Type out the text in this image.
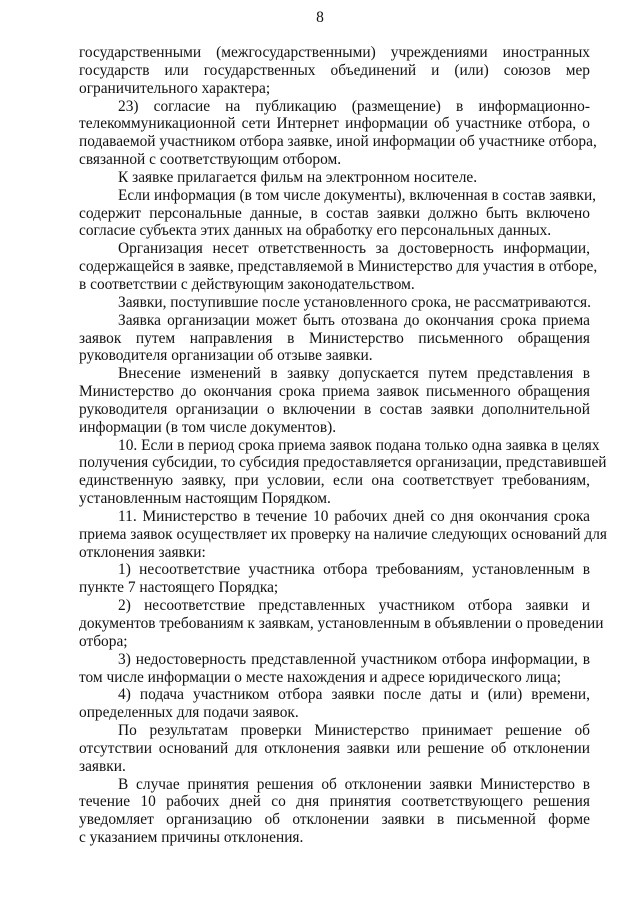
8

государственными (межгосударственными) учреждениями иностранных
государств или государственных объединений и (или) союзов мер
ограничительного характера;

23) согласие на публикацию (размещение) в информационно-
телекоммуникационной сети Интернет информации об участнике отбора, о
подаваемой участником отбора заявке, иной информации об участнике отбора,
связанной с соответствующим отбором.

К заявке прилагается фильм на электронном носителе.

Если информация (в том числе документы), включенная в состав заявки,
содержит персональные данные, в состав заявки должно быть включено
согласие субъекта этих данных на обработку его персональных данных.

Организация несет ответственность за достоверность информации,
содержащейся в заявке, представляемой в Министерство для участия в отборе,
в соответствии с действующим законодательством.

Заявки, поступившие после установленного срока, не рассматриваются.

Заявка организации может быть отозвана до окончания срока приема
заявок путем направления в Министерство письменного обращения
руководителя организации об отзыве заявки.

Внесение изменений в заявку допускается путем представления в
Министерство до окончания срока приема заявок письменного обращения
руководителя организации о включении в состав заявки дополнительной
информации (в том числе документов).

10. Если в период срока приема заявок подана только одна заявка в целях
получения субсидии, то субсидия предоставляется организации, представившей
единственную заявку, при условии, если она соответствует требованиям,
установленным настоящим Порядком.

11. Министерство в течение 10 рабочих дней со дня окончания срока
приема заявок осуществляет их проверку на наличие следующих оснований для
отклонения заявки:

1) несоответствие участника отбора требованиям, установленным в
пункте 7 настоящего Порядка;

2) несоответствие представленных участником отбора заявки и
документов требованиям к заявкам, установленным в объявлении о проведении
отбора;

3) недостоверность представленной участником отбора информации, в
том числе информации о месте нахождения и адресе юридического лица;

4) подача участником отбора заявки после даты и (или) времени,
определенных для подачи заявок.

По результатам проверки Министерство принимает решение об
отсутствии оснований для отклонения заявки или решение об отклонении
заявки.

В случае принятия решения об отклонении заявки Министерство в
течение 10 рабочих дней со дня принятия соответствующего решения
уведомляет организацию об отклонении заявки в письменной форме
с указанием причины отклонения.
